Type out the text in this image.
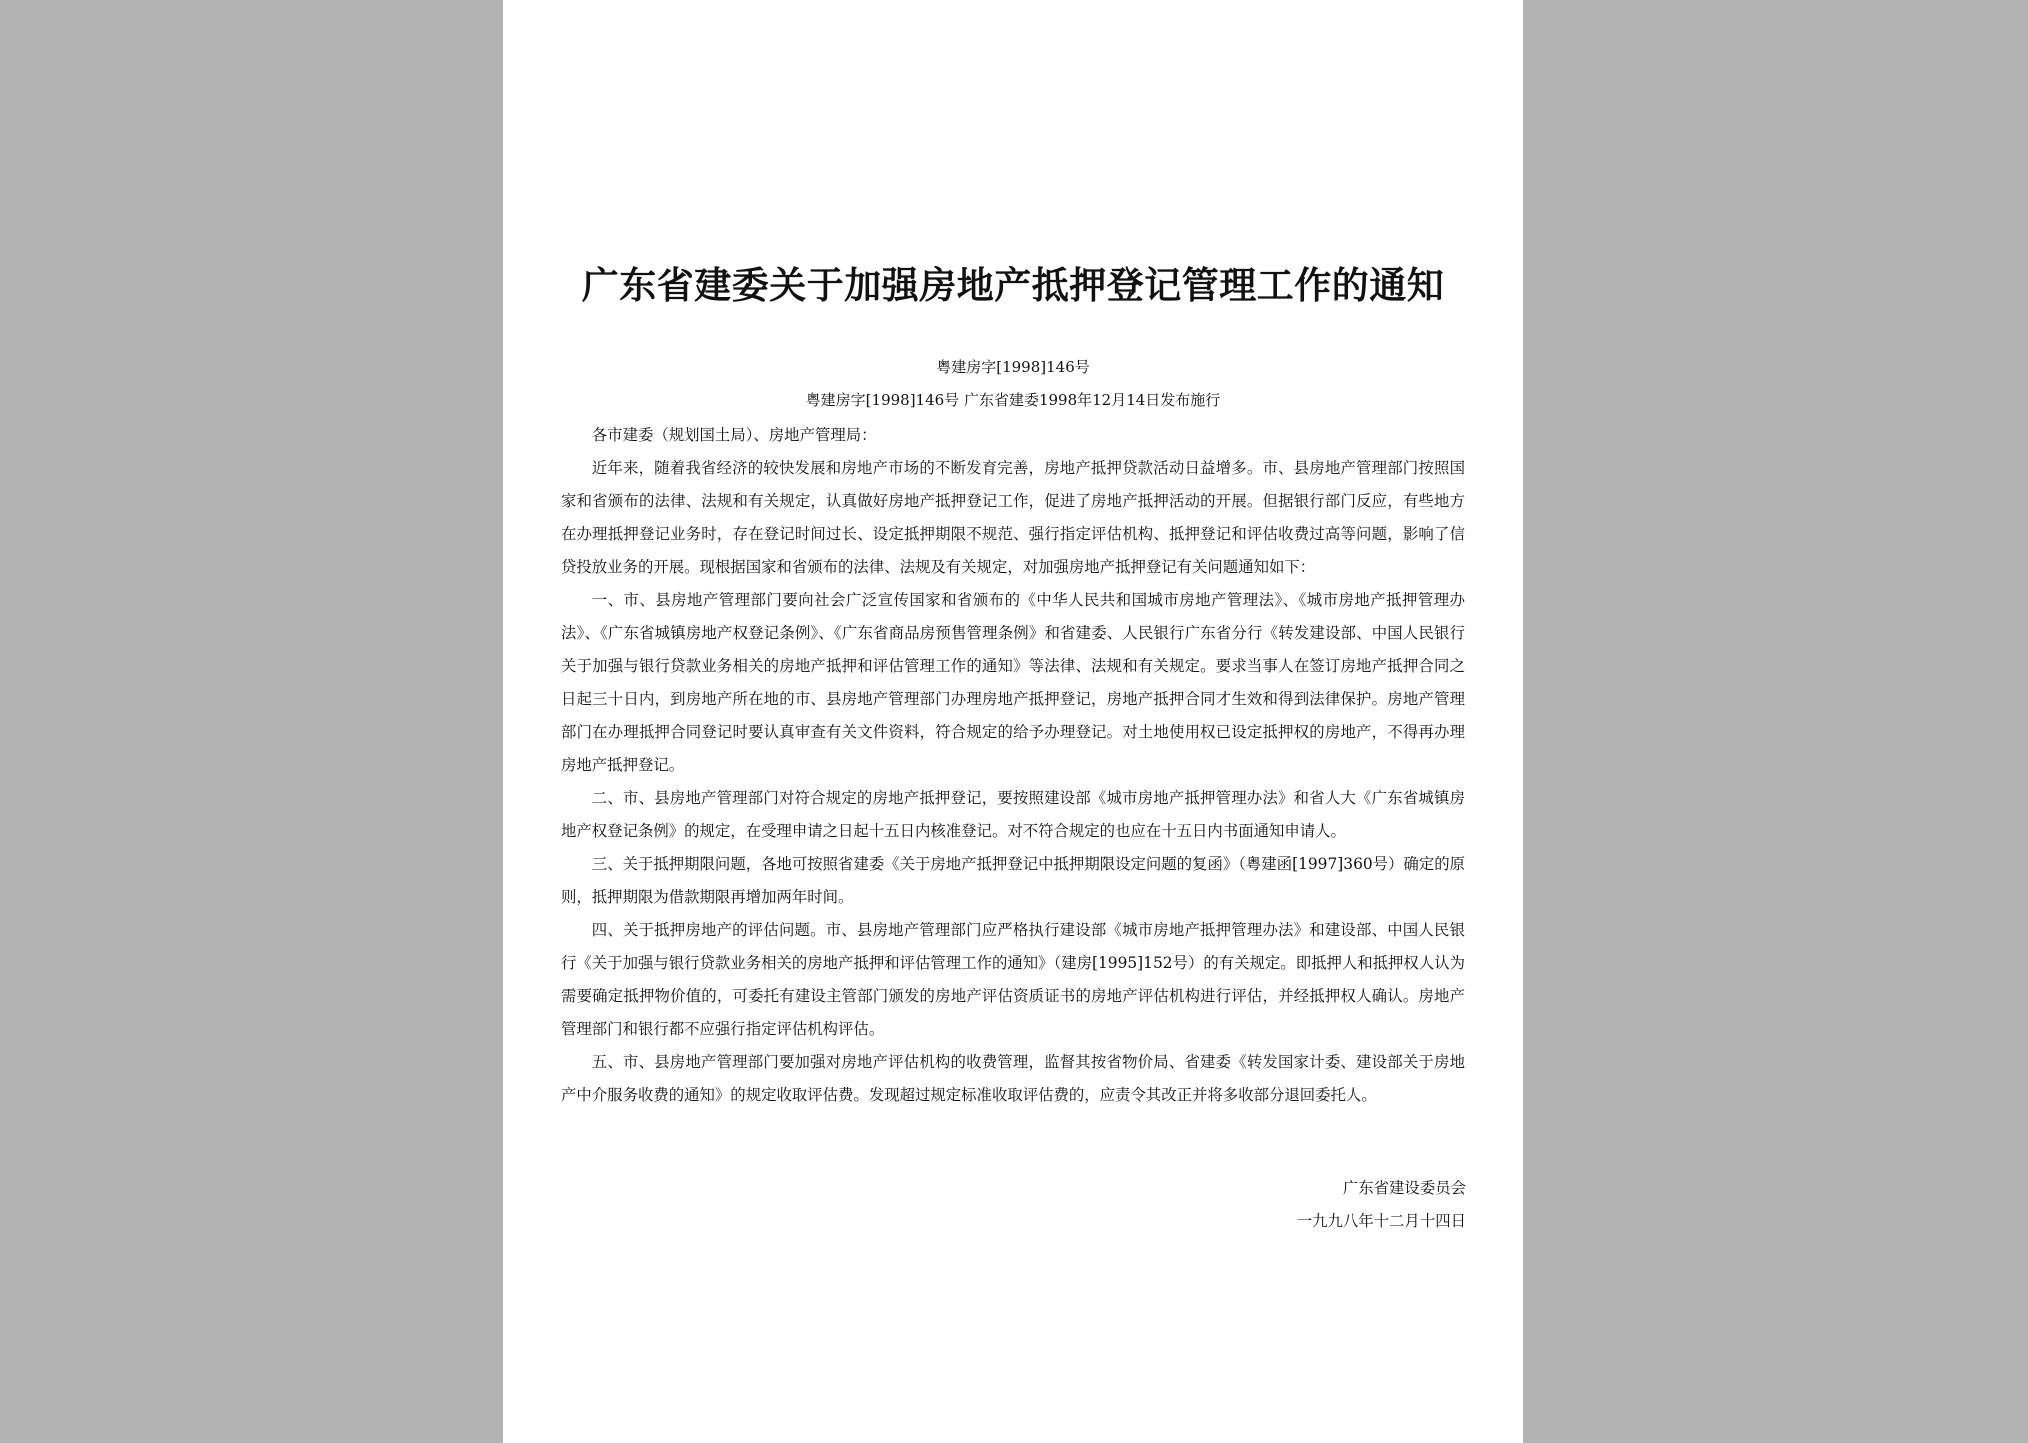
广东省建委关于加强房地产抵押登记管理工作的通知
粤建房字[1998]146号
粤建房字[1998]146号 广东省建委1998年12月14日发布施行

各市建委（规划国土局）、房地产管理局：

近年来，随着我省经济的较快发展和房地产市场的不断发育完善，房地产抵押贷款活动日益增多。市、县房地产管理部门按照国家和省颁布的法律、法规和有关规定，认真做好房地产抵押登记工作，促进了房地产抵押活动的开展。但据银行部门反应，有些地方在办理抵押登记业务时，存在登记时间过长、设定抵押期限不规范、强行指定评估机构、抵押登记和评估收费过高等问题，影响了信贷投放业务的开展。现根据国家和省颁布的法律、法规及有关规定，对加强房地产抵押登记有关问题通知如下：

一、市、县房地产管理部门要向社会广泛宣传国家和省颁布的《中华人民共和国城市房地产管理法》、《城市房地产抵押管理办法》、《广东省城镇房地产权登记条例》、《广东省商品房预售管理条例》和省建委、人民银行广东省分行《转发建设部、中国人民银行关于加强与银行贷款业务相关的房地产抵押和评估管理工作的通知》等法律、法规和有关规定。要求当事人在签订房地产抵押合同之日起三十日内，到房地产所在地的市、县房地产管理部门办理房地产抵押登记，房地产抵押合同才生效和得到法律保护。房地产管理部门在办理抵押合同登记时要认真审查有关文件资料，符合规定的给予办理登记。对土地使用权已设定抵押权的房地产，不得再办理房地产抵押登记。

二、市、县房地产管理部门对符合规定的房地产抵押登记，要按照建设部《城市房地产抵押管理办法》和省人大《广东省城镇房地产权登记条例》的规定，在受理申请之日起十五日内核准登记。对不符合规定的也应在十五日内书面通知申请人。

三、关于抵押期限问题，各地可按照省建委《关于房地产抵押登记中抵押期限设定问题的复函》（粤建函[1997]360号）确定的原则，抵押期限为借款期限再增加两年时间。

四、关于抵押房地产的评估问题。市、县房地产管理部门应严格执行建设部《城市房地产抵押管理办法》和建设部、中国人民银行《关于加强与银行贷款业务相关的房地产抵押和评估管理工作的通知》（建房[1995]152号）的有关规定。即抵押人和抵押权人认为需要确定抵押物价值的，可委托有建设主管部门颁发的房地产评估资质证书的房地产评估机构进行评估，并经抵押权人确认。房地产管理部门和银行都不应强行指定评估机构评估。

五、市、县房地产管理部门要加强对房地产评估机构的收费管理，监督其按省物价局、省建委《转发国家计委、建设部关于房地产中介服务收费的通知》的规定收取评估费。发现超过规定标准收取评估费的，应责令其改正并将多收部分退回委托人。

广东省建设委员会
一九九八年十二月十四日
